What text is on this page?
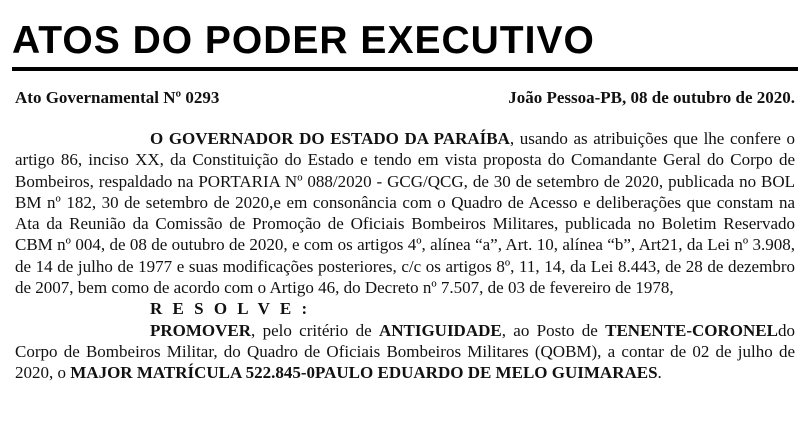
ATOS DO PODER EXECUTIVO
Ato Governamental Nº 0293	João Pessoa-PB, 08 de outubro de 2020.

O GOVERNADOR DO ESTADO DA PARAÍBA, usando as atribuições que lhe confere o artigo 86, inciso XX, da Constituição do Estado e tendo em vista proposta do Comandante Geral do Corpo de Bombeiros, respaldado na PORTARIA Nº 088/2020 - GCG/QCG, de 30 de setembro de 2020, publicada no BOL BM nº 182, 30 de setembro de 2020,e em consonância com o Quadro de Acesso e deliberações que constam na Ata da Reunião da Comissão de Promoção de Oficiais Bombeiros Militares, publicada no Boletim Reservado CBM nº 004, de 08 de outubro de 2020, e com os artigos 4º, alínea “a”, Art. 10, alínea “b”, Art21, da Lei nº 3.908, de 14 de julho de 1977 e suas modificações posteriores, c/c os artigos 8º, 11, 14, da Lei 8.443, de 28 de dezembro de 2007, bem como de acordo com o Artigo 46, do Decreto nº 7.507, de 03 de fevereiro de 1978,

R E S O L V E :

PROMOVER, pelo critério de ANTIGUIDADE, ao Posto de TENENTE-CORONELdo Corpo de Bombeiros Militar, do Quadro de Oficiais Bombeiros Militares (QOBM), a contar de 02 de julho de 2020, o MAJOR MATRÍCULA 522.845-0PAULO EDUARDO DE MELO GUIMARAES.
